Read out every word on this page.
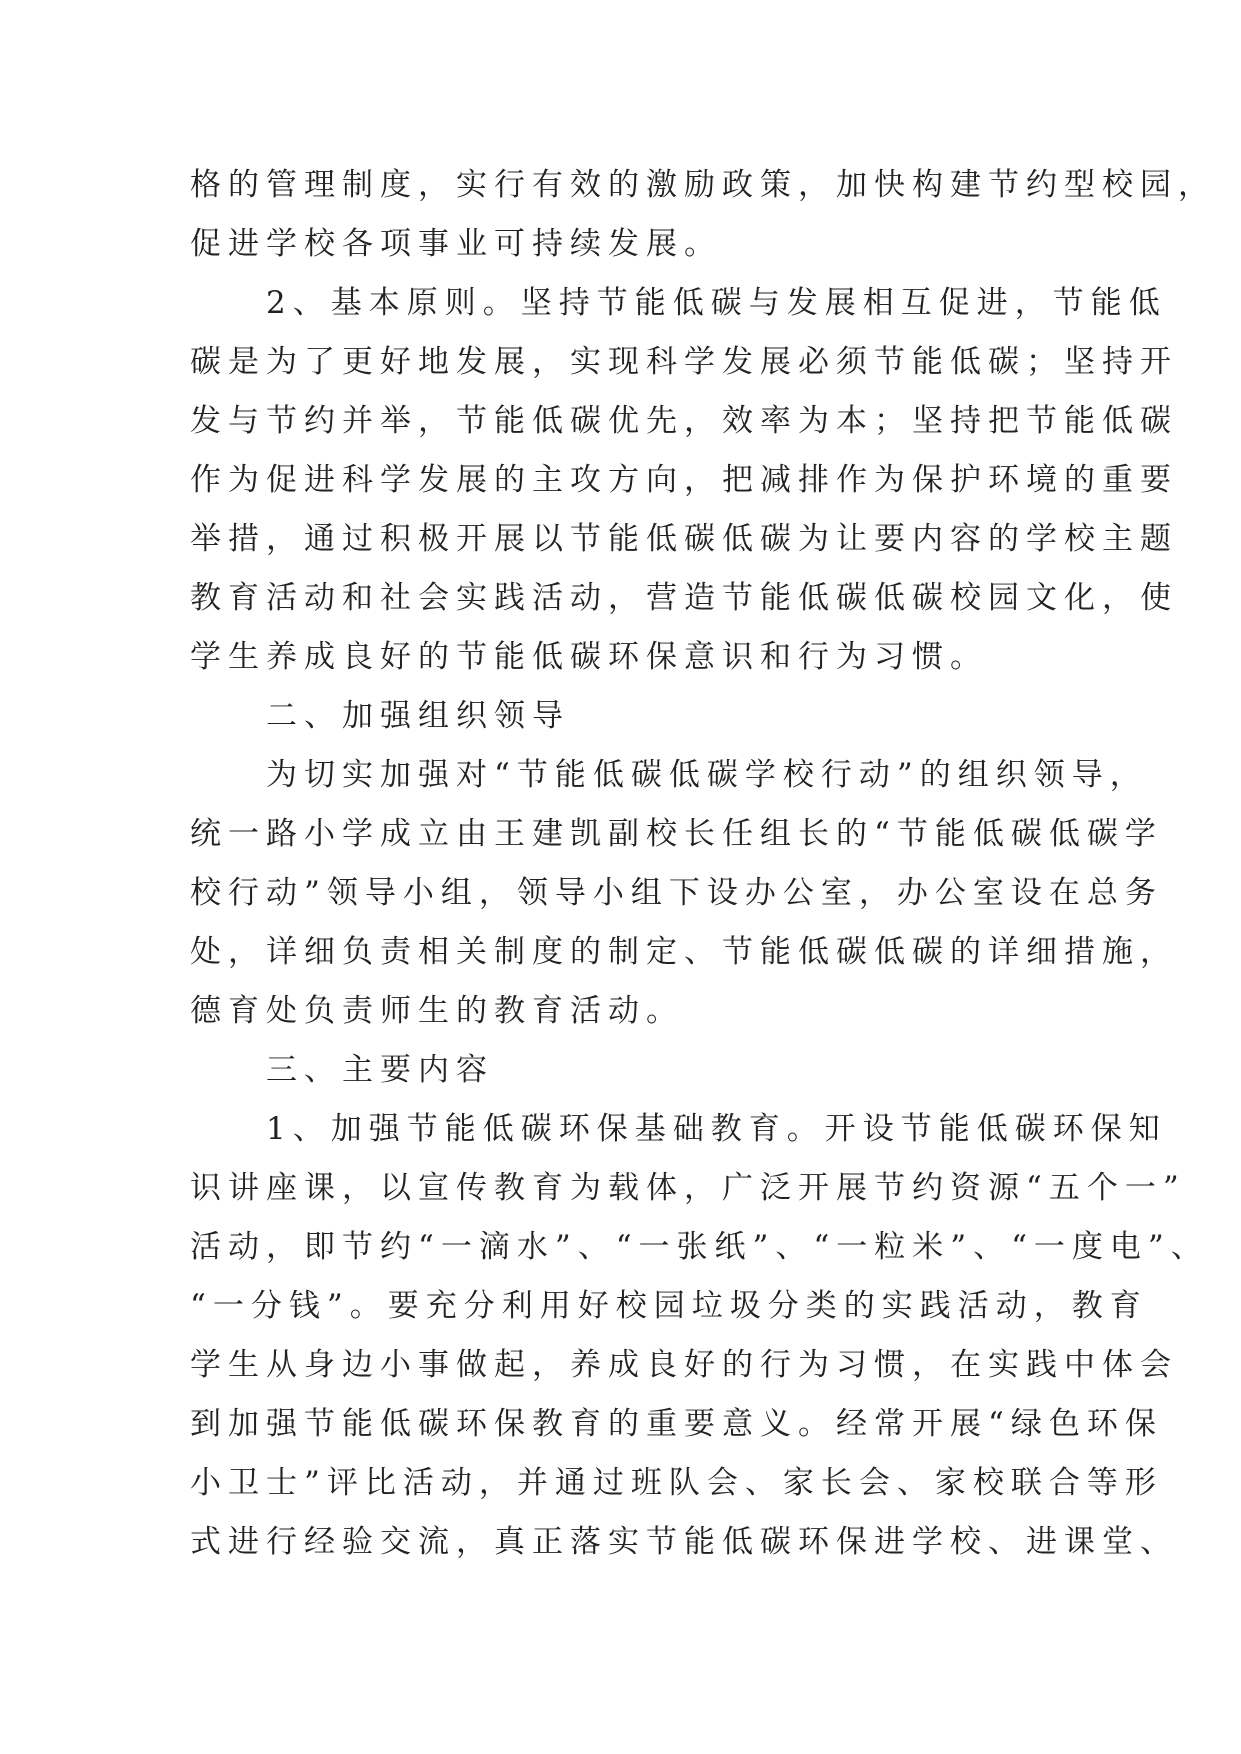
格的管理制度，实行有效的激励政策，加快构建节约型校园，
促进学校各项事业可持续发展。
　　2、基本原则。坚持节能低碳与发展相互促进，节能低
碳是为了更好地发展，实现科学发展必须节能低碳；坚持开
发与节约并举，节能低碳优先，效率为本；坚持把节能低碳
作为促进科学发展的主攻方向，把减排作为保护环境的重要
举措，通过积极开展以节能低碳低碳为让要内容的学校主题
教育活动和社会实践活动，营造节能低碳低碳校园文化，使
学生养成良好的节能低碳环保意识和行为习惯。
　　二、加强组织领导
　　为切实加强对“节能低碳低碳学校行动”的组织领导，
统一路小学成立由王建凯副校长任组长的“节能低碳低碳学
校行动”领导小组，领导小组下设办公室，办公室设在总务
处，详细负责相关制度的制定、节能低碳低碳的详细措施，
德育处负责师生的教育活动。
　　三、主要内容
　　1、加强节能低碳环保基础教育。开设节能低碳环保知
识讲座课，以宣传教育为载体，广泛开展节约资源“五个一”
活动，即节约“一滴水”、“一张纸”、“一粒米”、“一度电”、
“一分钱”。要充分利用好校园垃圾分类的实践活动，教育
学生从身边小事做起，养成良好的行为习惯，在实践中体会
到加强节能低碳环保教育的重要意义。经常开展“绿色环保
小卫士”评比活动，并通过班队会、家长会、家校联合等形
式进行经验交流，真正落实节能低碳环保进学校、进课堂、
